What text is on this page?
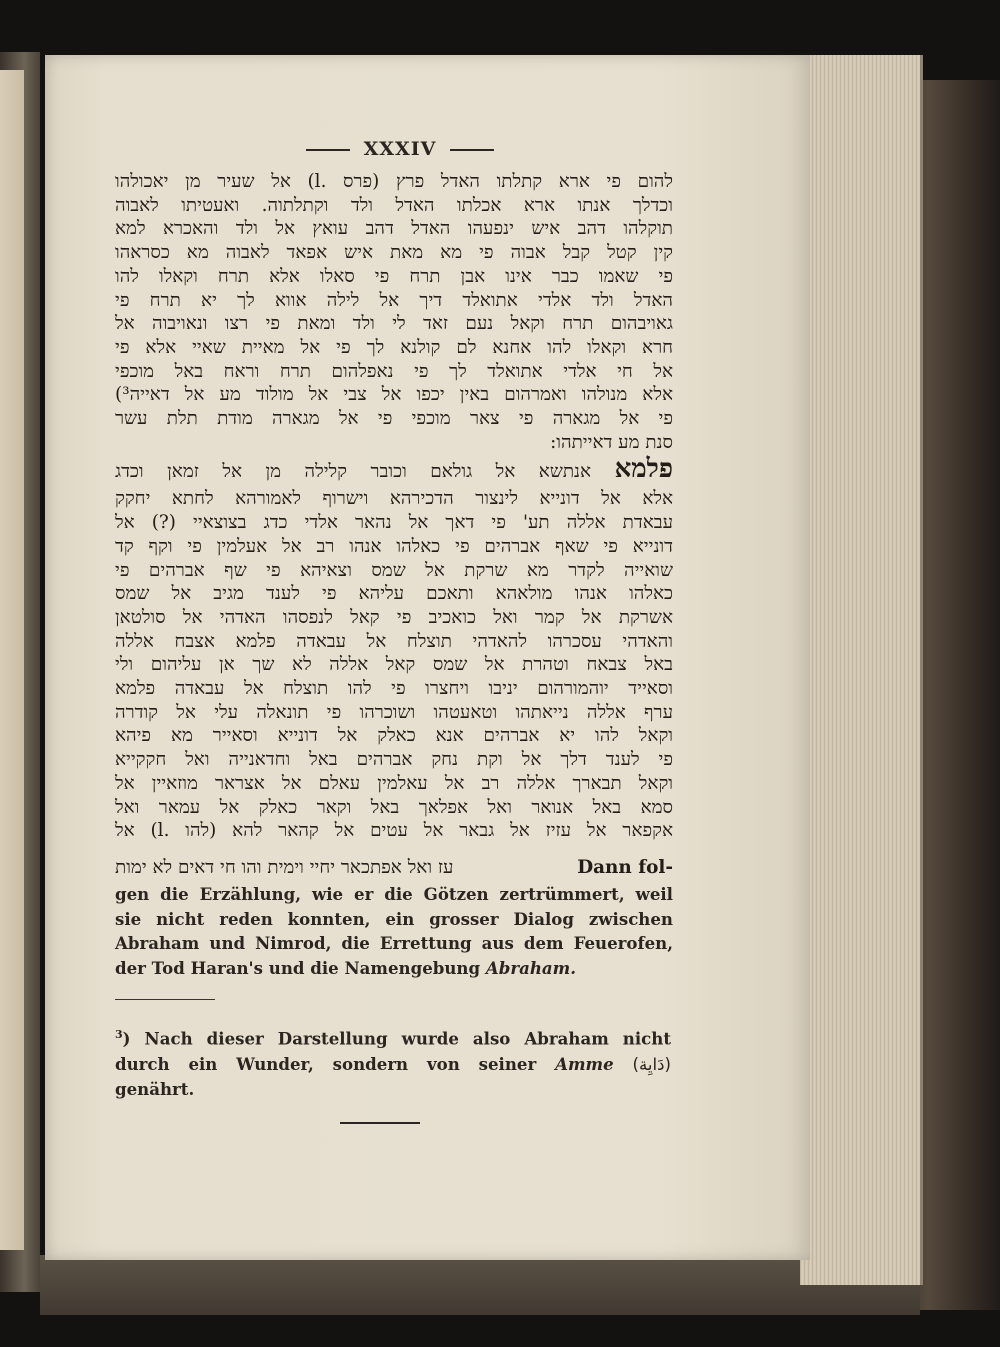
XXXIV
להום פי ארא קתלתו האדל פרץ (פרס .l) אל שעיר מן יאכולהו
וכדלך אנתו ארא אכלתו האדל ולד וקתלתוה. ואעטיתו לאבוה
תוקלהו דהב איש ינפעהו האדל דהב עואץ אל ולד והאכרא למא
קין קטל קבל אבוה פי מא מאת איש אפאד לאבוה מא כסראהו
פי שאמו כבר אינו אבן תרח פי סאלו אלא תרח וקאלו להו
האדל ולד אלדי אתואלד דיך אל לילה אווא לך יא תרח פי
גאויבהום תרח וקאל נעם זאד לי ולד ומאת פי רצו ונאויבוה אל
חרא וקאלו להו אחנא לם קולנא לך פי אל מאיית שאיי אלא פי
אל חי אלדי אתואלד לך פי נאפלהום תרח וראח באל מוכפי
אלא מנולהו ואמרהום באין יכפו אל צבי אל מולוד מע אל דאייה³)
פי אל מגארה פי צאר מוכפי פי אל מגארה מודת תלת עשר
סנת מע דאייתהו:
פלמא אנתשא אל גולאם וכובר קלילה מן אל זמאן וכדג
אלא אל דונייא לינצור הדכירהא וישרוף לאמורהא לחתא יחקק
עבאדת אללה תע' פי דאך אל נהאר אלדי כדג בצוצאיי (?) אל
דונייא פי שאף אברהים פי כאלהו אנהו רב אל אעלמין פי וקף קד
שואייה לקדר מא שרקת אל שמס וצאיהא פי שף אברהים פי
כאלהו אנהו מולאהא ותאכם עליהא פי לענד מגיב אל שמס
אשרקת אל קמר ואל כואכיב פי קאל לנפסהו האדהי אל סולטאן
והאדהי עסכרהו להאדהי תוצלח אל עבאדה פלמא אצבח אללה
באל צבאח וטהרת אל שמס קאל אללה לא שך אן עליהום ולי
וסאייד יוהמורהום יניבו ויחצרו פי להו תוצלח אל עבאדה פלמא
ערף אללה נייאתהו וטאעטהו ושוכרהו פי תונאלה עלי אל קודרה
וקאל להו יא אברהים אנא כאלק אל דונייא וסאייר מא פיהא
פי לענד דלך אל וקת נחק אברהים באל וחדאנייה ואל חקקייא
וקאל תבארך אללה רב אל עאלמין עאלם אל אצראר מוזאיין אל
סמא באל אנואר ואל אפלאך באל וקאר כאלק אל עמאר ואל
אקפאר אל עזיז אל גבאר אל עטים אל קהאר להא (להו .l) אל
עז ואל אפתכאר יחיי וימית והו חי דאים לא ימות	Dann fol-
gen die Erzählung, wie er die Götzen zertrümmert, weil
sie nicht reden konnten, ein grosser Dialog zwischen
Abraham und Nimrod, die Errettung aus dem Feuerofen,
der Tod Haran's und die Namengebung Abraham.
$^3$) Nach dieser Darstellung wurde also Abraham nicht
durch ein Wunder, sondern von seiner Amme (دَايِة)
genährt.
